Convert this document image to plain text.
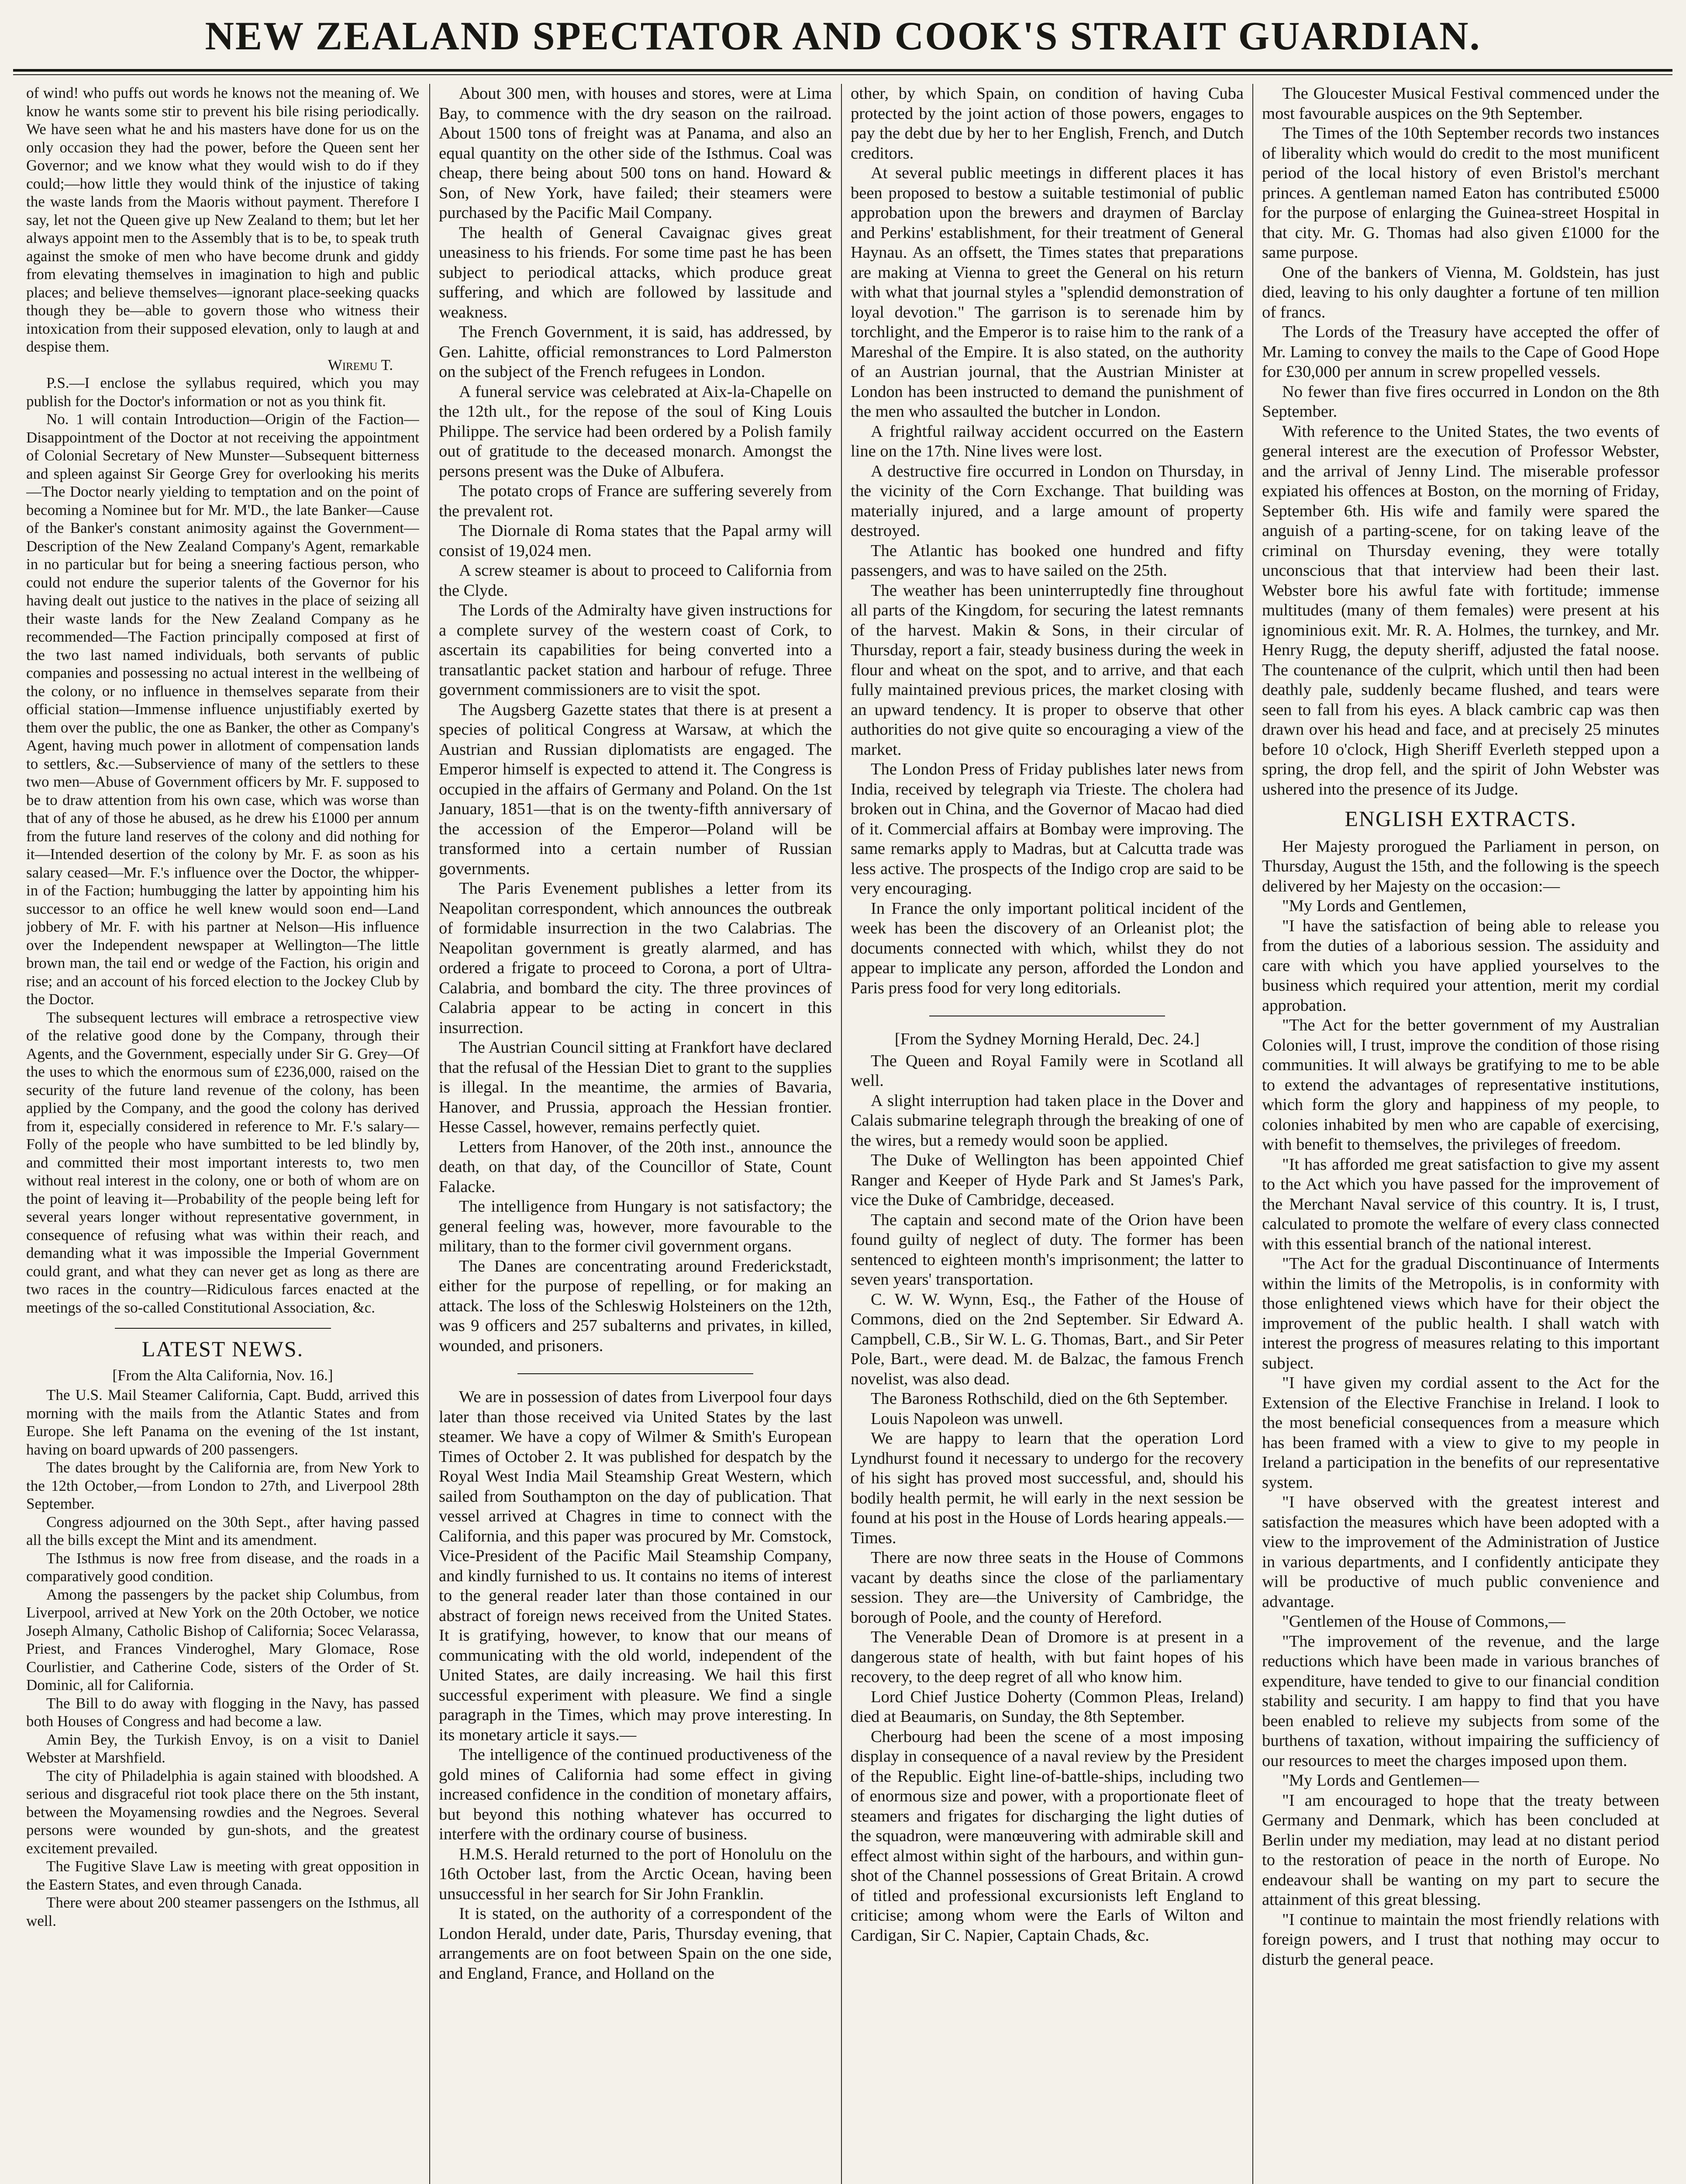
NEW ZEALAND SPECTATOR AND COOK'S STRAIT GUARDIAN.

of wind! who puffs out words he knows not the meaning of. We know he wants some stir to prevent his bile rising periodically. We have seen what he and his masters have done for us on the only occasion they had the power, before the Queen sent her Governor; and we know what they would wish to do if they could;—how little they would think of the injustice of taking the waste lands from the Maoris without payment. Therefore I say, let not the Queen give up New Zealand to them; but let her always appoint men to the Assembly that is to be, to speak truth against the smoke of men who have become drunk and giddy from elevating themselves in imagination to high and public places; and believe themselves—ignorant place-seeking quacks though they be—able to govern those who witness their intoxication from their supposed elevation, only to laugh at and despise them.

Wiremu T.

P.S.—I enclose the syllabus required, which you may publish for the Doctor's information or not as you think fit.

No. 1 will contain Introduction—Origin of the Faction—Disappointment of the Doctor at not receiving the appointment of Colonial Secretary of New Munster—Subsequent bitterness and spleen against Sir George Grey for overlooking his merits—The Doctor nearly yielding to temptation and on the point of becoming a Nominee but for Mr. M'D., the late Banker—Cause of the Banker's constant animosity against the Government—Description of the New Zealand Company's Agent, remarkable in no particular but for being a sneering factious person, who could not endure the superior talents of the Governor for his having dealt out justice to the natives in the place of seizing all their waste lands for the New Zealand Company as he recommended—The Faction principally composed at first of the two last named individuals, both servants of public companies and possessing no actual interest in the wellbeing of the colony, or no influence in themselves separate from their official station—Immense influence unjustifiably exerted by them over the public, the one as Banker, the other as Company's Agent, having much power in allotment of compensation lands to settlers, &c.—Subservience of many of the settlers to these two men—Abuse of Government officers by Mr. F. supposed to be to draw attention from his own case, which was worse than that of any of those he abused, as he drew his £1000 per annum from the future land reserves of the colony and did nothing for it—Intended desertion of the colony by Mr. F. as soon as his salary ceased—Mr. F.'s influence over the Doctor, the whipper-in of the Faction; humbugging the latter by appointing him his successor to an office he well knew would soon end—Land jobbery of Mr. F. with his partner at Nelson—His influence over the Independent newspaper at Wellington—The little brown man, the tail end or wedge of the Faction, his origin and rise; and an account of his forced election to the Jockey Club by the Doctor.

The subsequent lectures will embrace a retrospective view of the relative good done by the Company, through their Agents, and the Government, especially under Sir G. Grey—Of the uses to which the enormous sum of £236,000, raised on the security of the future land revenue of the colony, has been applied by the Company, and the good the colony has derived from it, especially considered in reference to Mr. F.'s salary—Folly of the people who have sumbitted to be led blindly by, and committed their most important interests to, two men without real interest in the colony, one or both of whom are on the point of leaving it—Probability of the people being left for several years longer without representative government, in consequence of refusing what was within their reach, and demanding what it was impossible the Imperial Government could grant, and what they can never get as long as there are two races in the country—Ridiculous farces enacted at the meetings of the so-called Constitutional Association, &c.

LATEST NEWS.

[From the Alta California, Nov. 16.]

The U.S. Mail Steamer California, Capt. Budd, arrived this morning with the mails from the Atlantic States and from Europe. She left Panama on the evening of the 1st instant, having on board upwards of 200 passengers.

The dates brought by the California are, from New York to the 12th October,—from London to 27th, and Liverpool 28th September.

Congress adjourned on the 30th Sept., after having passed all the bills except the Mint and its amendment.

The Isthmus is now free from disease, and the roads in a comparatively good condition.

Among the passengers by the packet ship Columbus, from Liverpool, arrived at New York on the 20th October, we notice Joseph Almany, Catholic Bishop of California; Socec Velarassa, Priest, and Frances Vinderoghel, Mary Glomace, Rose Courlistier, and Catherine Code, sisters of the Order of St. Dominic, all for California.

The Bill to do away with flogging in the Navy, has passed both Houses of Congress and had become a law.

Amin Bey, the Turkish Envoy, is on a visit to Daniel Webster at Marshfield.

The city of Philadelphia is again stained with bloodshed. A serious and disgraceful riot took place there on the 5th instant, between the Moyamensing rowdies and the Negroes. Several persons were wounded by gun-shots, and the greatest excitement prevailed.

The Fugitive Slave Law is meeting with great opposition in the Eastern States, and even through Canada.

There were about 200 steamer passengers on the Isthmus, all well.

About 300 men, with houses and stores, were at Lima Bay, to commence with the dry season on the railroad. About 1500 tons of freight was at Panama, and also an equal quantity on the other side of the Isthmus. Coal was cheap, there being about 500 tons on hand. Howard & Son, of New York, have failed; their steamers were purchased by the Pacific Mail Company.

The health of General Cavaignac gives great uneasiness to his friends. For some time past he has been subject to periodical attacks, which produce great suffering, and which are followed by lassitude and weakness.

The French Government, it is said, has addressed, by Gen. Lahitte, official remonstrances to Lord Palmerston on the subject of the French refugees in London.

A funeral service was celebrated at Aix-la-Chapelle on the 12th ult., for the repose of the soul of King Louis Philippe. The service had been ordered by a Polish family out of gratitude to the deceased monarch. Amongst the persons present was the Duke of Albufera.

The potato crops of France are suffering severely from the prevalent rot.

The Diornale di Roma states that the Papal army will consist of 19,024 men.

A screw steamer is about to proceed to California from the Clyde.

The Lords of the Admiralty have given instructions for a complete survey of the western coast of Cork, to ascertain its capabilities for being converted into a transatlantic packet station and harbour of refuge. Three government commissioners are to visit the spot.

The Augsberg Gazette states that there is at present a species of political Congress at Warsaw, at which the Austrian and Russian diplomatists are engaged. The Emperor himself is expected to attend it. The Congress is occupied in the affairs of Germany and Poland. On the 1st January, 1851—that is on the twenty-fifth anniversary of the accession of the Emperor—Poland will be transformed into a certain number of Russian governments.

The Paris Evenement publishes a letter from its Neapolitan correspondent, which announces the outbreak of formidable insurrection in the two Calabrias. The Neapolitan government is greatly alarmed, and has ordered a frigate to proceed to Corona, a port of Ultra-Calabria, and bombard the city. The three provinces of Calabria appear to be acting in concert in this insurrection.

The Austrian Council sitting at Frankfort have declared that the refusal of the Hessian Diet to grant to the supplies is illegal. In the meantime, the armies of Bavaria, Hanover, and Prussia, approach the Hessian frontier. Hesse Cassel, however, remains perfectly quiet.

Letters from Hanover, of the 20th inst., announce the death, on that day, of the Councillor of State, Count Falacke.

The intelligence from Hungary is not satisfactory; the general feeling was, however, more favourable to the military, than to the former civil government organs.

The Danes are concentrating around Frederickstadt, either for the purpose of repelling, or for making an attack. The loss of the Schleswig Holsteiners on the 12th, was 9 officers and 257 subalterns and privates, in killed, wounded, and prisoners.

We are in possession of dates from Liverpool four days later than those received via United States by the last steamer. We have a copy of Wilmer & Smith's European Times of October 2. It was published for despatch by the Royal West India Mail Steamship Great Western, which sailed from Southampton on the day of publication. That vessel arrived at Chagres in time to connect with the California, and this paper was procured by Mr. Comstock, Vice-President of the Pacific Mail Steamship Company, and kindly furnished to us. It contains no items of interest to the general reader later than those contained in our abstract of foreign news received from the United States. It is gratifying, however, to know that our means of communicating with the old world, independent of the United States, are daily increasing. We hail this first successful experiment with pleasure. We find a single paragraph in the Times, which may prove interesting. In its monetary article it says.—

The intelligence of the continued productiveness of the gold mines of California had some effect in giving increased confidence in the condition of monetary affairs, but beyond this nothing whatever has occurred to interfere with the ordinary course of business.

H.M.S. Herald returned to the port of Honolulu on the 16th October last, from the Arctic Ocean, having been unsuccessful in her search for Sir John Franklin.

It is stated, on the authority of a correspondent of the London Herald, under date, Paris, Thursday evening, that arrangements are on foot between Spain on the one side, and England, France, and Holland on the

other, by which Spain, on condition of having Cuba protected by the joint action of those powers, engages to pay the debt due by her to her English, French, and Dutch creditors.

At several public meetings in different places it has been proposed to bestow a suitable testimonial of public approbation upon the brewers and draymen of Barclay and Perkins' establishment, for their treatment of General Haynau. As an offsett, the Times states that preparations are making at Vienna to greet the General on his return with what that journal styles a "splendid demonstration of loyal devotion." The garrison is to serenade him by torchlight, and the Emperor is to raise him to the rank of a Mareshal of the Empire. It is also stated, on the authority of an Austrian journal, that the Austrian Minister at London has been instructed to demand the punishment of the men who assaulted the butcher in London.

A frightful railway accident occurred on the Eastern line on the 17th. Nine lives were lost.

A destructive fire occurred in London on Thursday, in the vicinity of the Corn Exchange. That building was materially injured, and a large amount of property destroyed.

The Atlantic has booked one hundred and fifty passengers, and was to have sailed on the 25th.

The weather has been uninterruptedly fine throughout all parts of the Kingdom, for securing the latest remnants of the harvest. Makin & Sons, in their circular of Thursday, report a fair, steady business during the week in flour and wheat on the spot, and to arrive, and that each fully maintained previous prices, the market closing with an upward tendency. It is proper to observe that other authorities do not give quite so encouraging a view of the market.

The London Press of Friday publishes later news from India, received by telegraph via Trieste. The cholera had broken out in China, and the Governor of Macao had died of it. Commercial affairs at Bombay were improving. The same remarks apply to Madras, but at Calcutta trade was less active. The prospects of the Indigo crop are said to be very encouraging.

In France the only important political incident of the week has been the discovery of an Orleanist plot; the documents connected with which, whilst they do not appear to implicate any person, afforded the London and Paris press food for very long editorials.

[From the Sydney Morning Herald, Dec. 24.]

The Queen and Royal Family were in Scotland all well.

A slight interruption had taken place in the Dover and Calais submarine telegraph through the breaking of one of the wires, but a remedy would soon be applied.

The Duke of Wellington has been appointed Chief Ranger and Keeper of Hyde Park and St James's Park, vice the Duke of Cambridge, deceased.

The captain and second mate of the Orion have been found guilty of neglect of duty. The former has been sentenced to eighteen month's imprisonment; the latter to seven years' transportation.

C. W. W. Wynn, Esq., the Father of the House of Commons, died on the 2nd September. Sir Edward A. Campbell, C.B., Sir W. L. G. Thomas, Bart., and Sir Peter Pole, Bart., were dead. M. de Balzac, the famous French novelist, was also dead.

The Baroness Rothschild, died on the 6th September.

Louis Napoleon was unwell.

We are happy to learn that the operation Lord Lyndhurst found it necessary to undergo for the recovery of his sight has proved most successful, and, should his bodily health permit, he will early in the next session be found at his post in the House of Lords hearing appeals.—Times.

There are now three seats in the House of Commons vacant by deaths since the close of the parliamentary session. They are—the University of Cambridge, the borough of Poole, and the county of Hereford.

The Venerable Dean of Dromore is at present in a dangerous state of health, with but faint hopes of his recovery, to the deep regret of all who know him.

Lord Chief Justice Doherty (Common Pleas, Ireland) died at Beaumaris, on Sunday, the 8th September.

Cherbourg had been the scene of a most imposing display in consequence of a naval review by the President of the Republic. Eight line-of-battle-ships, including two of enormous size and power, with a proportionate fleet of steamers and frigates for discharging the light duties of the squadron, were manœuvering with admirable skill and effect almost within sight of the harbours, and within gun-shot of the Channel possessions of Great Britain. A crowd of titled and professional excursionists left England to criticise; among whom were the Earls of Wilton and Cardigan, Sir C. Napier, Captain Chads, &c.

The Gloucester Musical Festival commenced under the most favourable auspices on the 9th September.

The Times of the 10th September records two instances of liberality which would do credit to the most munificent period of the local history of even Bristol's merchant princes. A gentleman named Eaton has contributed £5000 for the purpose of enlarging the Guinea-street Hospital in that city. Mr. G. Thomas had also given £1000 for the same purpose.

One of the bankers of Vienna, M. Goldstein, has just died, leaving to his only daughter a fortune of ten million of francs.

The Lords of the Treasury have accepted the offer of Mr. Laming to convey the mails to the Cape of Good Hope for £30,000 per annum in screw propelled vessels.

No fewer than five fires occurred in London on the 8th September.

With reference to the United States, the two events of general interest are the execution of Professor Webster, and the arrival of Jenny Lind. The miserable professor expiated his offences at Boston, on the morning of Friday, September 6th. His wife and family were spared the anguish of a parting-scene, for on taking leave of the criminal on Thursday evening, they were totally unconscious that that interview had been their last. Webster bore his awful fate with fortitude; immense multitudes (many of them females) were present at his ignominious exit. Mr. R. A. Holmes, the turnkey, and Mr. Henry Rugg, the deputy sheriff, adjusted the fatal noose. The countenance of the culprit, which until then had been deathly pale, suddenly became flushed, and tears were seen to fall from his eyes. A black cambric cap was then drawn over his head and face, and at precisely 25 minutes before 10 o'clock, High Sheriff Everleth stepped upon a spring, the drop fell, and the spirit of John Webster was ushered into the presence of its Judge.

ENGLISH EXTRACTS.

Her Majesty prorogued the Parliament in person, on Thursday, August the 15th, and the following is the speech delivered by her Majesty on the occasion:—

"My Lords and Gentlemen,

"I have the satisfaction of being able to release you from the duties of a laborious session. The assiduity and care with which you have applied yourselves to the business which required your attention, merit my cordial approbation.

"The Act for the better government of my Australian Colonies will, I trust, improve the condition of those rising communities. It will always be gratifying to me to be able to extend the advantages of representative institutions, which form the glory and happiness of my people, to colonies inhabited by men who are capable of exercising, with benefit to themselves, the privileges of freedom.

"It has afforded me great satisfaction to give my assent to the Act which you have passed for the improvement of the Merchant Naval service of this country. It is, I trust, calculated to promote the welfare of every class connected with this essential branch of the national interest.

"The Act for the gradual Discontinuance of Interments within the limits of the Metropolis, is in conformity with those enlightened views which have for their object the improvement of the public health. I shall watch with interest the progress of measures relating to this important subject.

"I have given my cordial assent to the Act for the Extension of the Elective Franchise in Ireland. I look to the most beneficial consequences from a measure which has been framed with a view to give to my people in Ireland a participation in the benefits of our representative system.

"I have observed with the greatest interest and satisfaction the measures which have been adopted with a view to the improvement of the Administration of Justice in various departments, and I confidently anticipate they will be productive of much public convenience and advantage.

"Gentlemen of the House of Commons,—

"The improvement of the revenue, and the large reductions which have been made in various branches of expenditure, have tended to give to our financial condition stability and security. I am happy to find that you have been enabled to relieve my subjects from some of the burthens of taxation, without impairing the sufficiency of our resources to meet the charges imposed upon them.

"My Lords and Gentlemen—

"I am encouraged to hope that the treaty between Germany and Denmark, which has been concluded at Berlin under my mediation, may lead at no distant period to the restoration of peace in the north of Europe. No endeavour shall be wanting on my part to secure the attainment of this great blessing.

"I continue to maintain the most friendly relations with foreign powers, and I trust that nothing may occur to disturb the general peace.
